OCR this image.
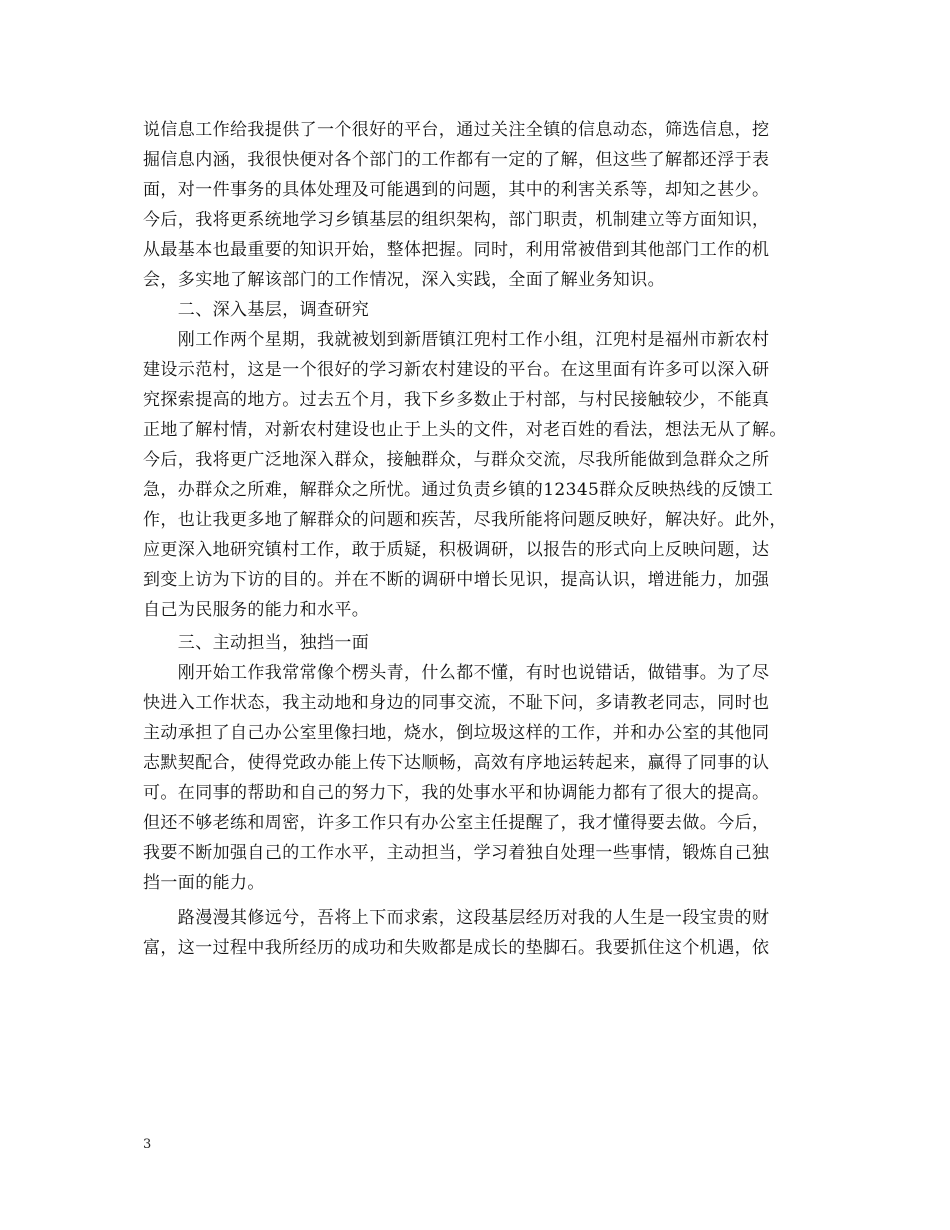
说信息工作给我提供了一个很好的平台，通过关注全镇的信息动态，筛选信息，挖
掘信息内涵，我很快便对各个部门的工作都有一定的了解，但这些了解都还浮于表
面，对一件事务的具体处理及可能遇到的问题，其中的利害关系等，却知之甚少。
今后，我将更系统地学习乡镇基层的组织架构，部门职责，机制建立等方面知识，
从最基本也最重要的知识开始，整体把握。同时，利用常被借到其他部门工作的机
会，多实地了解该部门的工作情况，深入实践，全面了解业务知识。
　　二、深入基层，调查研究
　　刚工作两个星期，我就被划到新厝镇江兜村工作小组，江兜村是福州市新农村
建设示范村，这是一个很好的学习新农村建设的平台。在这里面有许多可以深入研
究探索提高的地方。过去五个月，我下乡多数止于村部，与村民接触较少，不能真
正地了解村情，对新农村建设也止于上头的文件，对老百姓的看法，想法无从了解。
今后，我将更广泛地深入群众，接触群众，与群众交流，尽我所能做到急群众之所
急，办群众之所难，解群众之所忧。通过负责乡镇的12345群众反映热线的反馈工
作，也让我更多地了解群众的问题和疾苦，尽我所能将问题反映好，解决好。此外，
应更深入地研究镇村工作，敢于质疑，积极调研，以报告的形式向上反映问题，达
到变上访为下访的目的。并在不断的调研中增长见识，提高认识，增进能力，加强
自己为民服务的能力和水平。
　　三、主动担当，独挡一面
　　刚开始工作我常常像个楞头青，什么都不懂，有时也说错话，做错事。为了尽
快进入工作状态，我主动地和身边的同事交流，不耻下问，多请教老同志，同时也
主动承担了自己办公室里像扫地，烧水，倒垃圾这样的工作，并和办公室的其他同
志默契配合，使得党政办能上传下达顺畅，高效有序地运转起来，赢得了同事的认
可。在同事的帮助和自己的努力下，我的处事水平和协调能力都有了很大的提高。
但还不够老练和周密，许多工作只有办公室主任提醒了，我才懂得要去做。今后，
我要不断加强自己的工作水平，主动担当，学习着独自处理一些事情，锻炼自己独
挡一面的能力。
　　路漫漫其修远兮，吾将上下而求索，这段基层经历对我的人生是一段宝贵的财
富，这一过程中我所经历的成功和失败都是成长的垫脚石。我要抓住这个机遇，依
3
